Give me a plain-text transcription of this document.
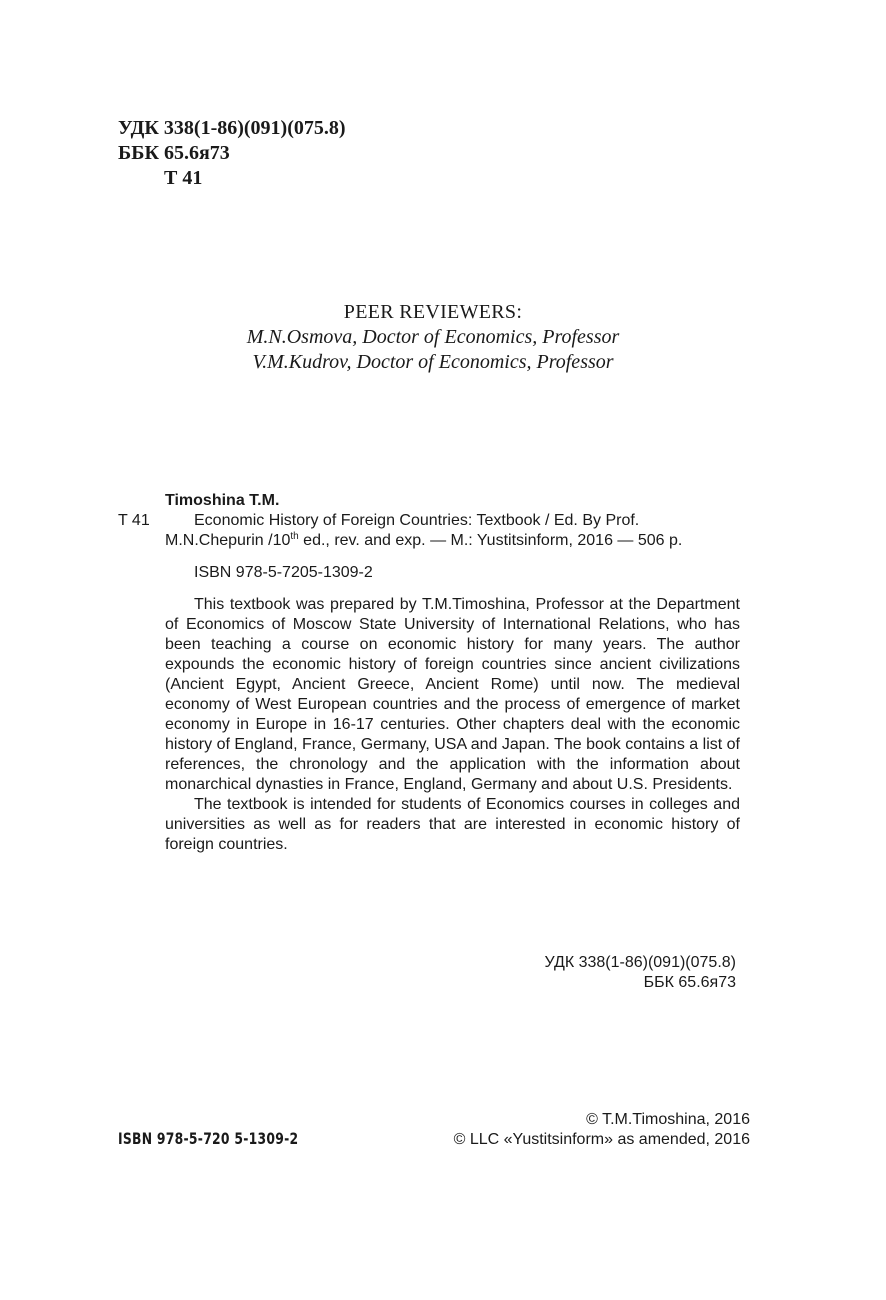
УДК 338(1-86)(091)(075.8)
ББК 65.6я73
Т 41
PEER REVIEWERS:
M.N.Osmova, Doctor of Economics, Professor
V.M.Kudrov, Doctor of Economics, Professor
Timoshina T.M.
T 41	Economic History of Foreign Countries: Textbook / Ed. By Prof.
M.N.Chepurin /10th ed., rev. and exp. — M.: Yustitsinform, 2016 — 506 p.
ISBN 978-5-7205-1309-2

This textbook was prepared by T.M.Timoshina, Professor at the Department of Economics of Moscow State University of International Relations, who has been teaching a course on economic history for many years. The author expounds the economic history of foreign countries since ancient civilizations (Ancient Egypt, Ancient Greece, Ancient Rome) until now. The medieval economy of West European countries and the process of emergence of market economy in Europe in 16-17 centuries. Other chapters deal with the economic history of England, France, Germany, USA and Japan. The book contains a list of references, the chronology and the application with the information about monarchical dynasties in France, England, Germany and about U.S. Presidents.

The textbook is intended for students of Economics courses in colleges and universities as well as for readers that are interested in economic history of foreign countries.

УДК 338(1-86)(091)(075.8)
ББК 65.6я73
ISBN 978-5-720 5-1309-2
© T.M.Timoshina, 2016
© LLC «Yustitsinform» as amended, 2016
